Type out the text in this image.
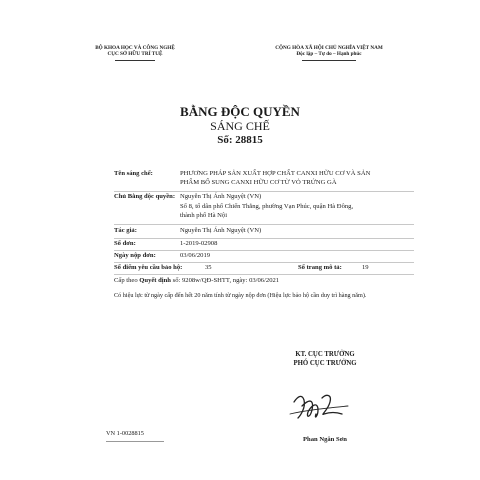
BỘ KHOA HỌC VÀ CÔNG NGHỆ
CỤC SỞ HỮU TRÍ TUỆ
CỘNG HÒA XÃ HỘI CHỦ NGHĨA VIỆT NAM
Độc lập – Tự do – Hạnh phúc
BẰNG ĐỘC QUYỀN
SÁNG CHẾ
Số: 28815
Tên sáng chế:	PHƯƠNG PHÁP SẢN XUẤT HỢP CHẤT CANXI HỮU CƠ VÀ SẢN
PHẨM BỔ SUNG CANXI HỮU CƠ TỪ VỎ TRỨNG GÀ
Chủ Bằng độc quyền: Nguyễn Thị Ánh Nguyệt (VN)
Số 8, tổ dân phố Chiến Thắng, phường Vạn Phúc, quận Hà Đông,
thành phố Hà Nội
Tác giả:	Nguyễn Thị Ánh Nguyệt (VN)
Số đơn:	1-2019-02908
Ngày nộp đơn:	03/06/2019
Số điểm yêu cầu bảo hộ:	35	Số trang mô tả:	19
Cấp theo Quyết định số: 9208w/QĐ-SHTT, ngày: 03/06/2021
Có hiệu lực từ ngày cấp đến hết 20 năm tính từ ngày nộp đơn (Hiệu lực bảo hộ cần duy trì hàng năm).
KT. CỤC TRƯỞNG
PHÓ CỤC TRƯỞNG
Phan Ngân Sơn
VN 1-0028815
